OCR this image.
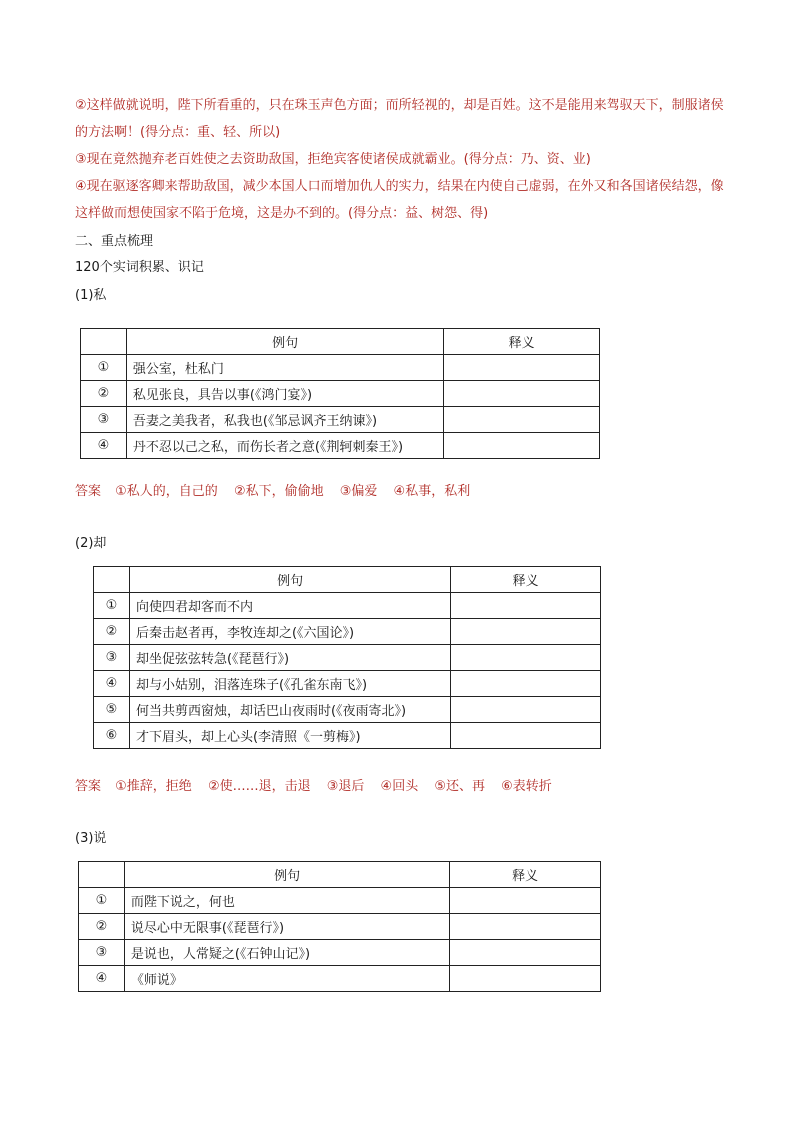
②这样做就说明，陛下所看重的，只在珠玉声色方面；而所轻视的，却是百姓。这不是能用来驾驭天下，制服诸侯的方法啊！(得分点：重、轻、所以)

③现在竟然抛弃老百姓使之去资助敌国，拒绝宾客使诸侯成就霸业。(得分点：乃、资、业)

④现在驱逐客卿来帮助敌国，减少本国人口而增加仇人的实力，结果在内使自己虚弱，在外又和各国诸侯结怨，像这样做而想使国家不陷于危境，这是办不到的。(得分点：益、树怨、得)

二、重点梳理

120个实词积累、识记

(1)私

	例句	释义
①	强公室，杜私门	
②	私见张良，具告以事(《鸿门宴》)	
③	吾妻之美我者，私我也(《邹忌讽齐王纳谏》)	
④	丹不忍以己之私，而伤长者之意(《荆轲刺秦王》)	

答案 ①私人的，自己的 ②私下，偷偷地 ③偏爱 ④私事，私利

(2)却

	例句	释义
①	向使四君却客而不内	
②	后秦击赵者再，李牧连却之(《六国论》)	
③	却坐促弦弦转急(《琵琶行》)	
④	却与小姑别，泪落连珠子(《孔雀东南飞》)	
⑤	何当共剪西窗烛，却话巴山夜雨时(《夜雨寄北》)	
⑥	才下眉头，却上心头(李清照《一剪梅》)	

答案 ①推辞，拒绝 ②使……退，击退 ③退后 ④回头 ⑤还、再 ⑥表转折

(3)说

	例句	释义
①	而陛下说之，何也	
②	说尽心中无限事(《琵琶行》)	
③	是说也，人常疑之(《石钟山记》)	
④	《师说》	
